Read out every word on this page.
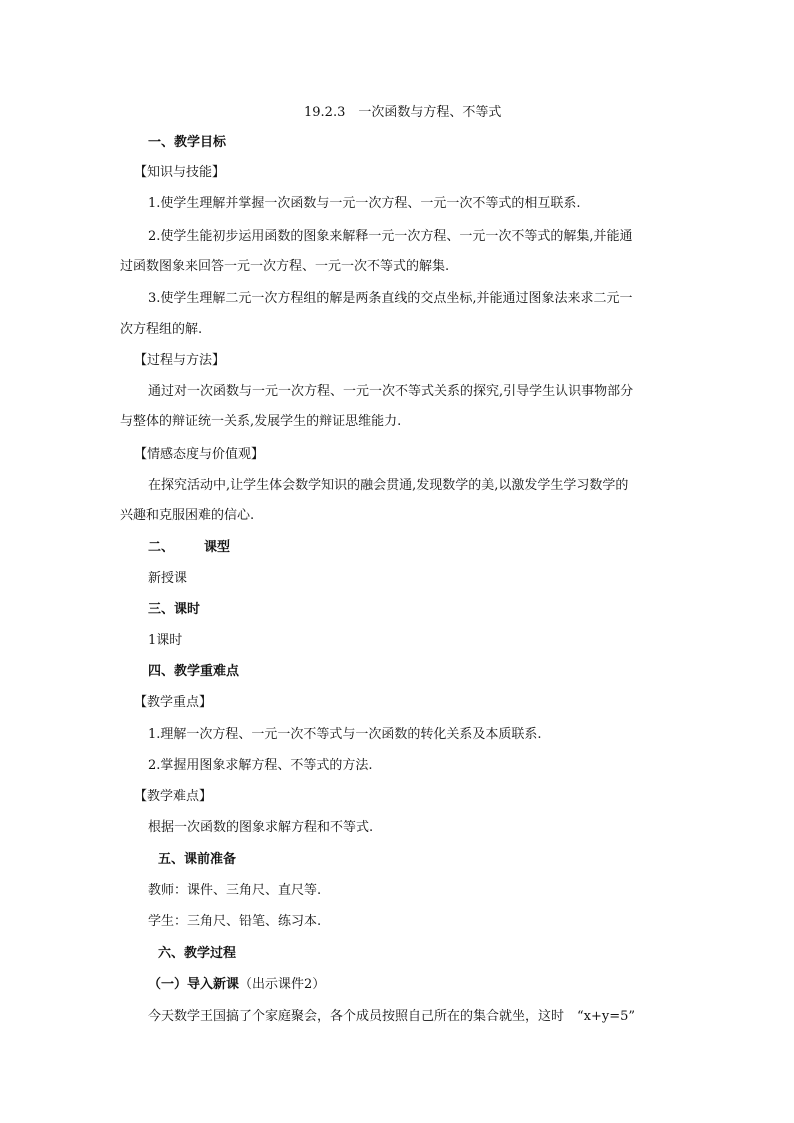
19.2.3　一次函数与方程、不等式
一、教学目标
【知识与技能】
1.使学生理解并掌握一次函数与一元一次方程、一元一次不等式的相互联系.
2.使学生能初步运用函数的图象来解释一元一次方程、一元一次不等式的解集,并能通
过函数图象来回答一元一次方程、一元一次不等式的解集.
3.使学生理解二元一次方程组的解是两条直线的交点坐标,并能通过图象法来求二元一
次方程组的解.
【过程与方法】
通过对一次函数与一元一次方程、一元一次不等式关系的探究,引导学生认识事物部分
与整体的辩证统一关系,发展学生的辩证思维能力.
【情感态度与价值观】
在探究活动中,让学生体会数学知识的融会贯通,发现数学的美,以激发学生学习数学的
兴趣和克服困难的信心.
二、 课型
新授课
三、课时
1课时
四、教学重难点
【教学重点】
1.理解一次方程、一元一次不等式与一次函数的转化关系及本质联系.
2.掌握用图象求解方程、不等式的方法.
【教学难点】
根据一次函数的图象求解方程和不等式.
五、课前准备
教师：课件、三角尺、直尺等.
学生：三角尺、铅笔、练习本.
六、教学过程
（一）导入新课（出示课件2）
今天数学王国搞了个家庭聚会，各个成员按照自己所在的集合就坐，这时　“x+y=5”
